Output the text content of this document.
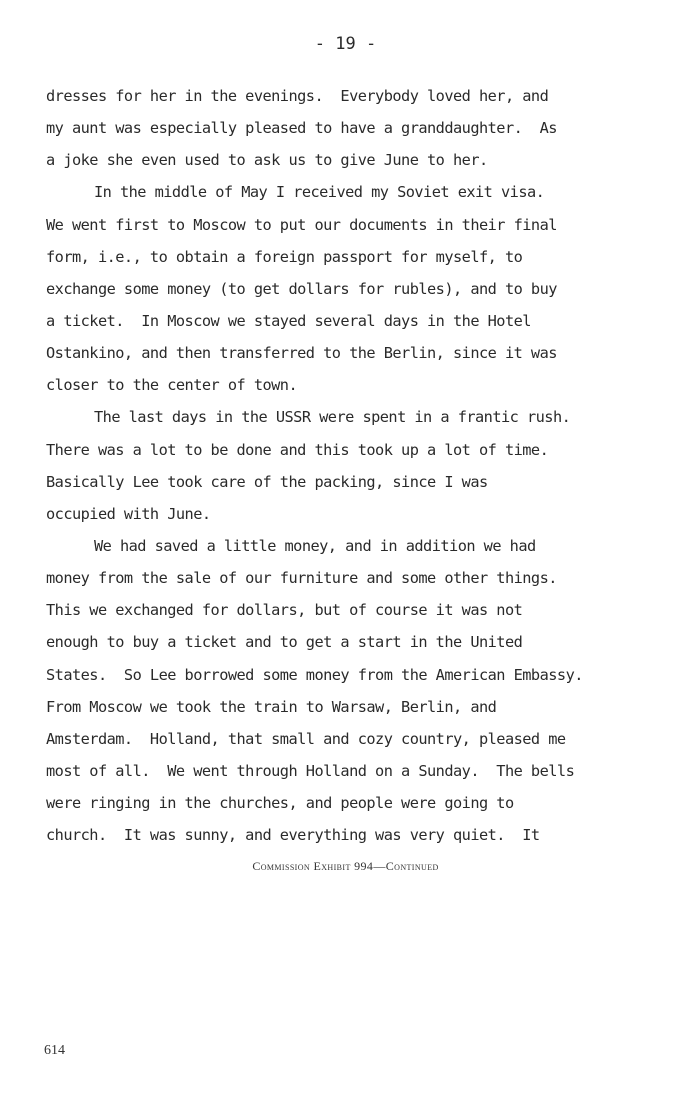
- 19 -
dresses for her in the evenings.  Everybody loved her, and
my aunt was especially pleased to have a granddaughter.  As
a joke she even used to ask us to give June to her.
In the middle of May I received my Soviet exit visa.
We went first to Moscow to put our documents in their final
form, i.e., to obtain a foreign passport for myself, to
exchange some money (to get dollars for rubles), and to buy
a ticket.  In Moscow we stayed several days in the Hotel
Ostankino, and then transferred to the Berlin, since it was
closer to the center of town.
The last days in the USSR were spent in a frantic rush.
There was a lot to be done and this took up a lot of time.
Basically Lee took care of the packing, since I was
occupied with June.
We had saved a little money, and in addition we had
money from the sale of our furniture and some other things.
This we exchanged for dollars, but of course it was not
enough to buy a ticket and to get a start in the United
States.  So Lee borrowed some money from the American Embassy.
From Moscow we took the train to Warsaw, Berlin, and
Amsterdam.  Holland, that small and cozy country, pleased me
most of all.  We went through Holland on a Sunday.  The bells
were ringing in the churches, and people were going to
church.  It was sunny, and everything was very quiet.  It
Commission Exhibit 994—Continued
614
